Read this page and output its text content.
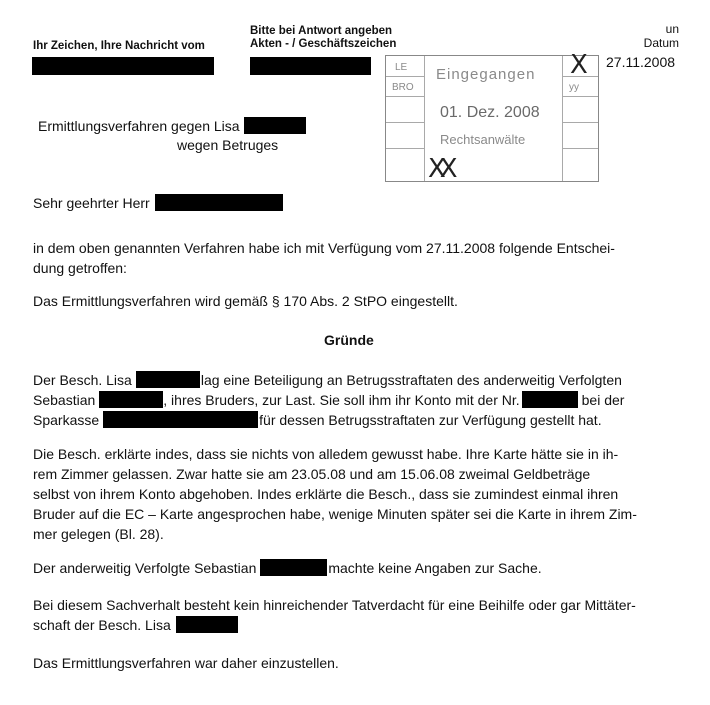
Ihr Zeichen, Ihre Nachricht vom
Bitte bei Antwort angeben
Akten - / Geschäftszeichen
un
Datum
27.11.2008
LE
BRO
Eingegangen
01. Dez. 2008
Rechtsanwälte
yy
X
XX
Ermittlungsverfahren gegen Lisa
wegen Betruges
Sehr geehrter Herr
in dem oben genannten Verfahren habe ich mit Verfügung vom 27.11.2008 folgende Entschei-
dung getroffen:
Das Ermittlungsverfahren wird gemäß § 170 Abs. 2 StPO eingestellt.
Gründe
Der Besch. Lisa	lag eine Beteiligung an Betrugsstraftaten des anderweitig Verfolgten
Sebastian	, ihres Bruders, zur Last. Sie soll ihm ihr Konto mit der Nr.	bei der
Sparkasse	für dessen Betrugsstraftaten zur Verfügung gestellt hat.
Die Besch. erklärte indes, dass sie nichts von alledem gewusst habe. Ihre Karte hätte sie in ih-
rem Zimmer gelassen. Zwar hatte sie am 23.05.08 und am 15.06.08 zweimal Geldbeträge
selbst von ihrem Konto abgehoben. Indes erklärte die Besch., dass sie zumindest einmal ihren
Bruder auf die EC – Karte angesprochen habe, wenige Minuten später sei die Karte in ihrem Zim-
mer gelegen (Bl. 28).
Der anderweitig Verfolgte Sebastian	machte keine Angaben zur Sache.
Bei diesem Sachverhalt besteht kein hinreichender Tatverdacht für eine Beihilfe oder gar Mittäter-
schaft der Besch. Lisa
Das Ermittlungsverfahren war daher einzustellen.
